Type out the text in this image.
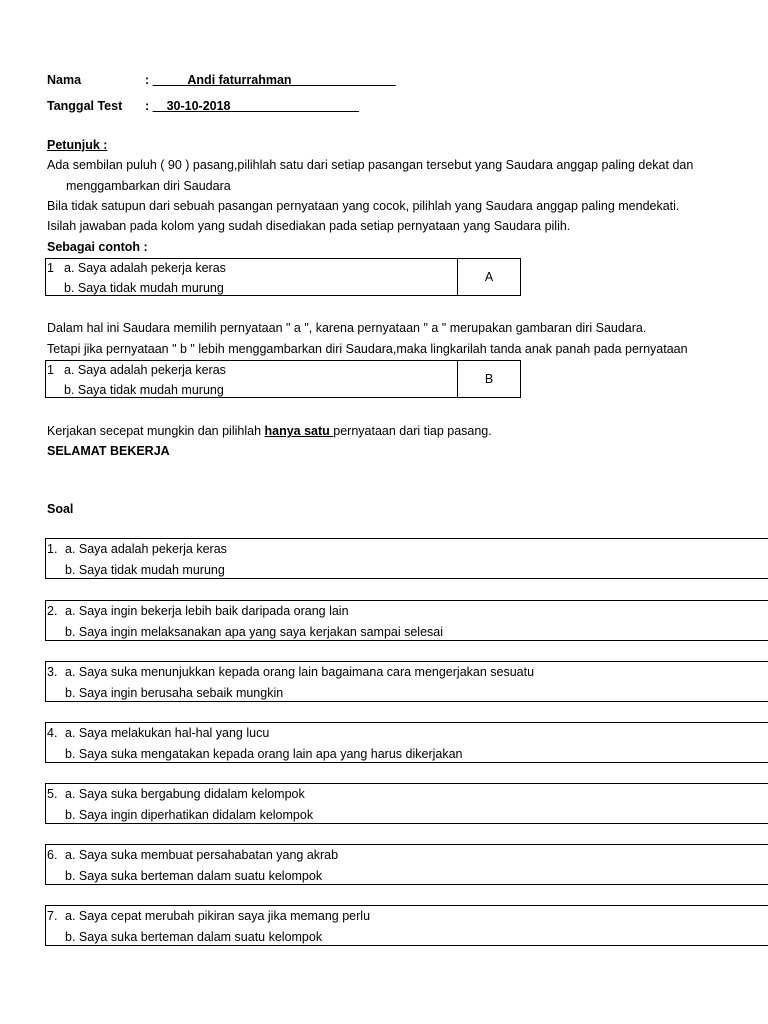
Nama	:	Andi faturrahman
Tanggal Test : 30-10-2018
Petunjuk :
Ada sembilan puluh ( 90 ) pasang,pilihlah satu dari setiap pasangan tersebut yang Saudara anggap paling dekat dan
menggambarkan diri Saudara
Bila tidak satupun dari sebuah pasangan pernyataan yang cocok, pilihlah yang Saudara anggap paling mendekati.
Isilah jawaban pada kolom yang sudah disediakan pada setiap pernyataan yang Saudara pilih.
Sebagai contoh :
1 a. Saya adalah pekerja keras
b. Saya tidak mudah murung
A
Dalam hal ini Saudara memilih pernyataan " a ", karena pernyataan " a " merupakan gambaran diri Saudara.
Tetapi jika pernyataan " b " lebih menggambarkan diri Saudara,maka lingkarilah tanda anak panah pada pernyataan
1 a. Saya adalah pekerja keras
b. Saya tidak mudah murung
B
Kerjakan secepat mungkin dan pilihlah hanya satu pernyataan dari tiap pasang.
SELAMAT BEKERJA
Soal
1. a. Saya adalah pekerja keras
b. Saya tidak mudah murung
2. a. Saya ingin bekerja lebih baik daripada orang lain
b. Saya ingin melaksanakan apa yang saya kerjakan sampai selesai
3. a. Saya suka menunjukkan kepada orang lain bagaimana cara mengerjakan sesuatu
b. Saya ingin berusaha sebaik mungkin
4. a. Saya melakukan hal-hal yang lucu
b. Saya suka mengatakan kepada orang lain apa yang harus dikerjakan
5. a. Saya suka bergabung didalam kelompok
b. Saya ingin diperhatikan didalam kelompok
6. a. Saya suka membuat persahabatan yang akrab
b. Saya suka berteman dalam suatu kelompok
7. a. Saya cepat merubah pikiran saya jika memang perlu
b. Saya suka berteman dalam suatu kelompok
